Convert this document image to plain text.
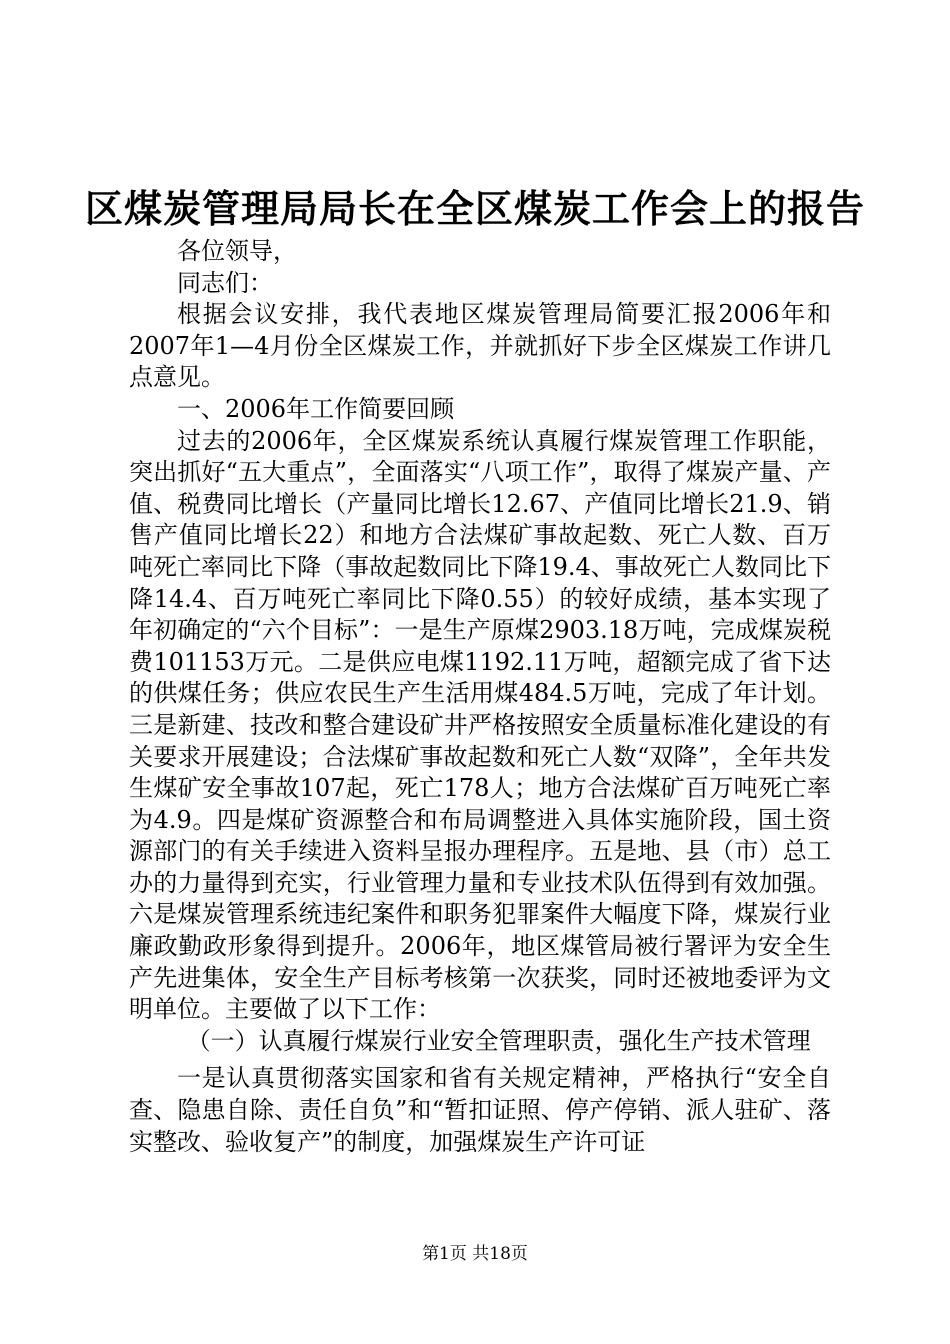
区煤炭管理局局长在全区煤炭工作会上的报告

各位领导，

同志们：

根据会议安排，我代表地区煤炭管理局简要汇报2006年和2007年1—4月份全区煤炭工作，并就抓好下步全区煤炭工作讲几点意见。

一、2006年工作简要回顾

过去的2006年，全区煤炭系统认真履行煤炭管理工作职能，突出抓好“五大重点”，全面落实“八项工作”，取得了煤炭产量、产值、税费同比增长（产量同比增长12.67、产值同比增长21.9、销售产值同比增长22）和地方合法煤矿事故起数、死亡人数、百万吨死亡率同比下降（事故起数同比下降19.4、事故死亡人数同比下降14.4、百万吨死亡率同比下降0.55）的较好成绩，基本实现了年初确定的“六个目标”：一是生产原煤2903.18万吨，完成煤炭税费101153万元。二是供应电煤1192.11万吨，超额完成了省下达的供煤任务；供应农民生产生活用煤484.5万吨，完成了年计划。三是新建、技改和整合建设矿井严格按照安全质量标准化建设的有关要求开展建设；合法煤矿事故起数和死亡人数“双降”，全年共发生煤矿安全事故107起，死亡178人；地方合法煤矿百万吨死亡率为4.9。四是煤矿资源整合和布局调整进入具体实施阶段，国土资源部门的有关手续进入资料呈报办理程序。五是地、县（市）总工办的力量得到充实，行业管理力量和专业技术队伍得到有效加强。六是煤炭管理系统违纪案件和职务犯罪案件大幅度下降，煤炭行业廉政勤政形象得到提升。2006年，地区煤管局被行署评为安全生产先进集体，安全生产目标考核第一次获奖，同时还被地委评为文明单位。主要做了以下工作：

（一）认真履行煤炭行业安全管理职责，强化生产技术管理

一是认真贯彻落实国家和省有关规定精神，严格执行“安全自查、隐患自除、责任自负”和“暂扣证照、停产停销、派人驻矿、落实整改、验收复产”的制度，加强煤炭生产许可证

第1页 共18页
